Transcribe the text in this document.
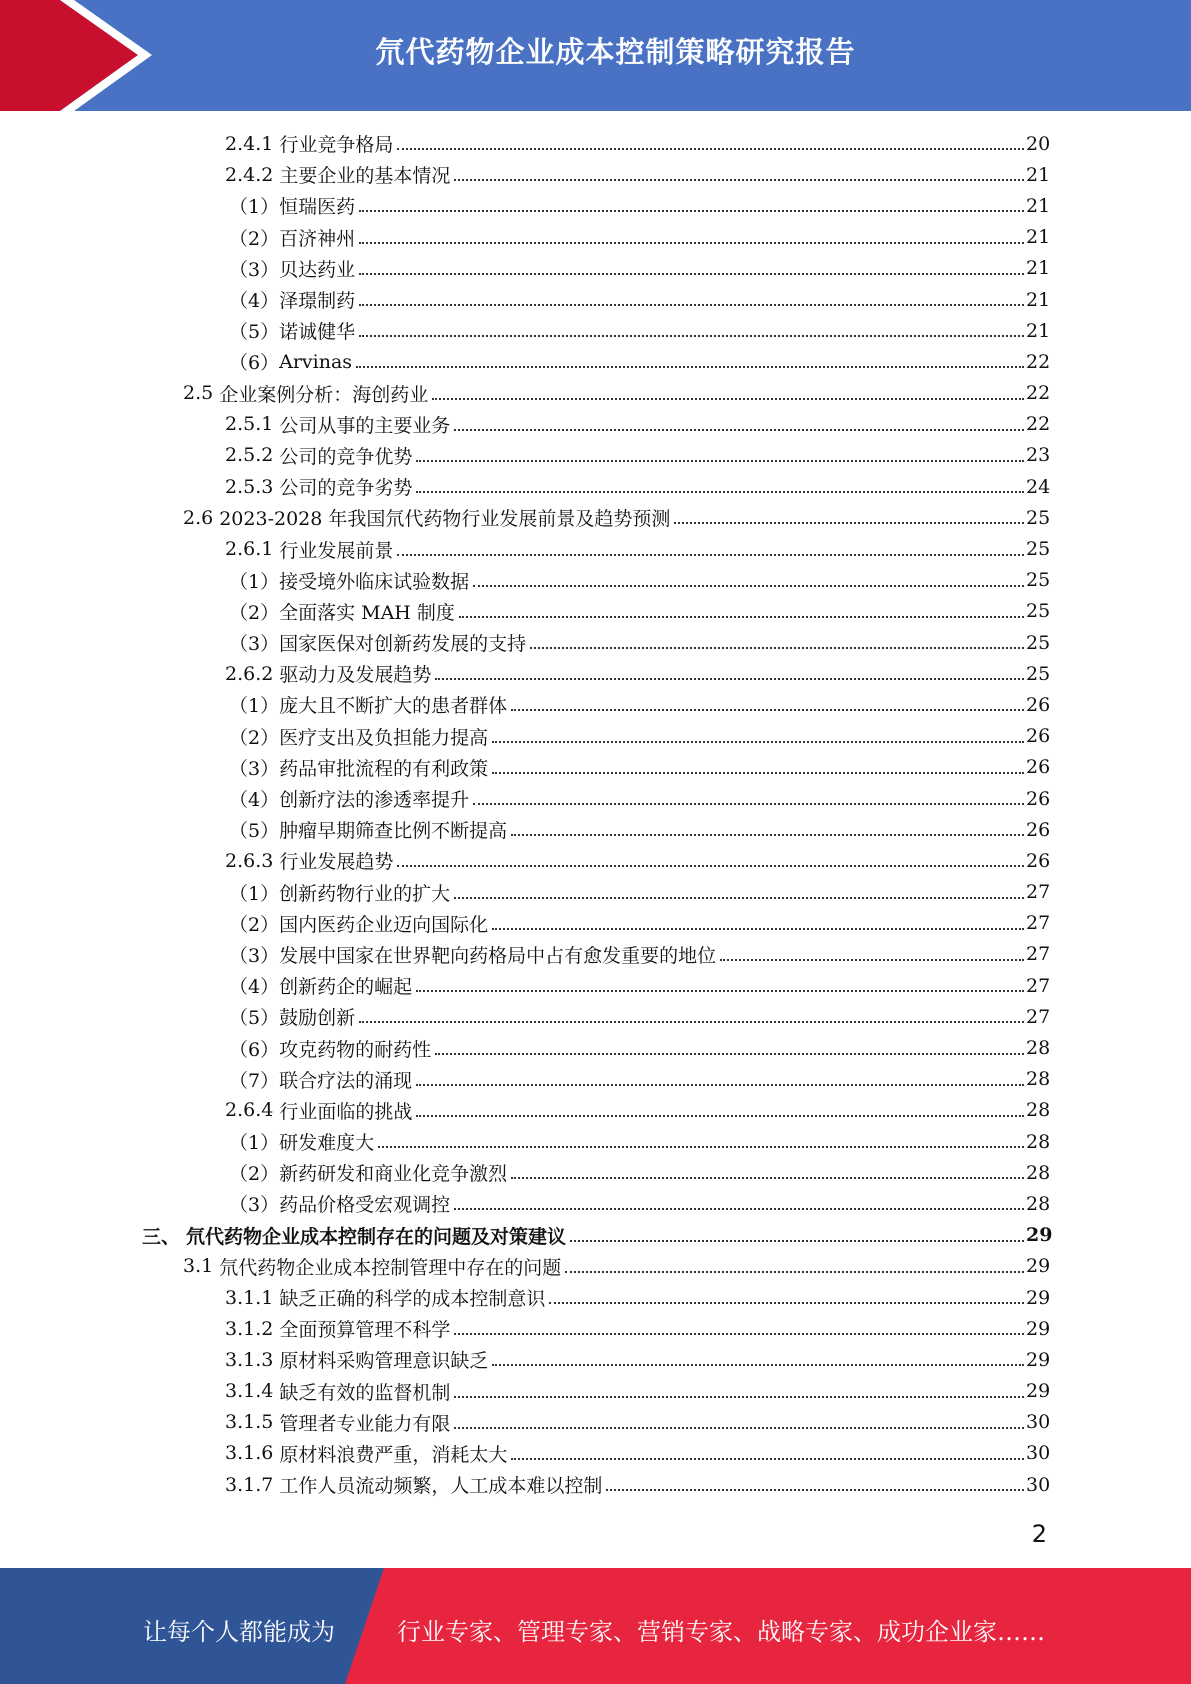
氘代药物企业成本控制策略研究报告
2.4.1 行业竞争格局	20
2.4.2 主要企业的基本情况	21
（1） 恒瑞医药	21
（2） 百济神州	21
（3） 贝达药业	21
（4） 泽璟制药	21
（5） 诺诚健华	21
（6） Arvinas	22
2.5 企业案例分析：海创药业	22
2.5.1 公司从事的主要业务	22
2.5.2 公司的竞争优势	23
2.5.3 公司的竞争劣势	24
2.6 2023-2028 年我国氘代药物行业发展前景及趋势预测	25
2.6.1 行业发展前景	25
（1） 接受境外临床试验数据	25
（2） 全面落实 MAH 制度	25
（3） 国家医保对创新药发展的支持	25
2.6.2 驱动力及发展趋势	25
（1） 庞大且不断扩大的患者群体	26
（2） 医疗支出及负担能力提高	26
（3） 药品审批流程的有利政策	26
（4） 创新疗法的渗透率提升	26
（5） 肿瘤早期筛查比例不断提高	26
2.6.3 行业发展趋势	26
（1） 创新药物行业的扩大	27
（2） 国内医药企业迈向国际化	27
（3） 发展中国家在世界靶向药格局中占有愈发重要的地位	27
（4） 创新药企的崛起	27
（5） 鼓励创新	27
（6） 攻克药物的耐药性	28
（7） 联合疗法的涌现	28
2.6.4 行业面临的挑战	28
（1） 研发难度大	28
（2） 新药研发和商业化竞争激烈	28
（3） 药品价格受宏观调控	28
三、 氘代药物企业成本控制存在的问题及对策建议	29
3.1 氘代药物企业成本控制管理中存在的问题	29
3.1.1 缺乏正确的科学的成本控制意识	29
3.1.2 全面预算管理不科学	29
3.1.3 原材料采购管理意识缺乏	29
3.1.4 缺乏有效的监督机制	29
3.1.5 管理者专业能力有限	30
3.1.6 原材料浪费严重，消耗太大	30
3.1.7 工作人员流动频繁，人工成本难以控制	30
2
让每个人都能成为	行业专家、管理专家、营销专家、战略专家、成功企业家……
